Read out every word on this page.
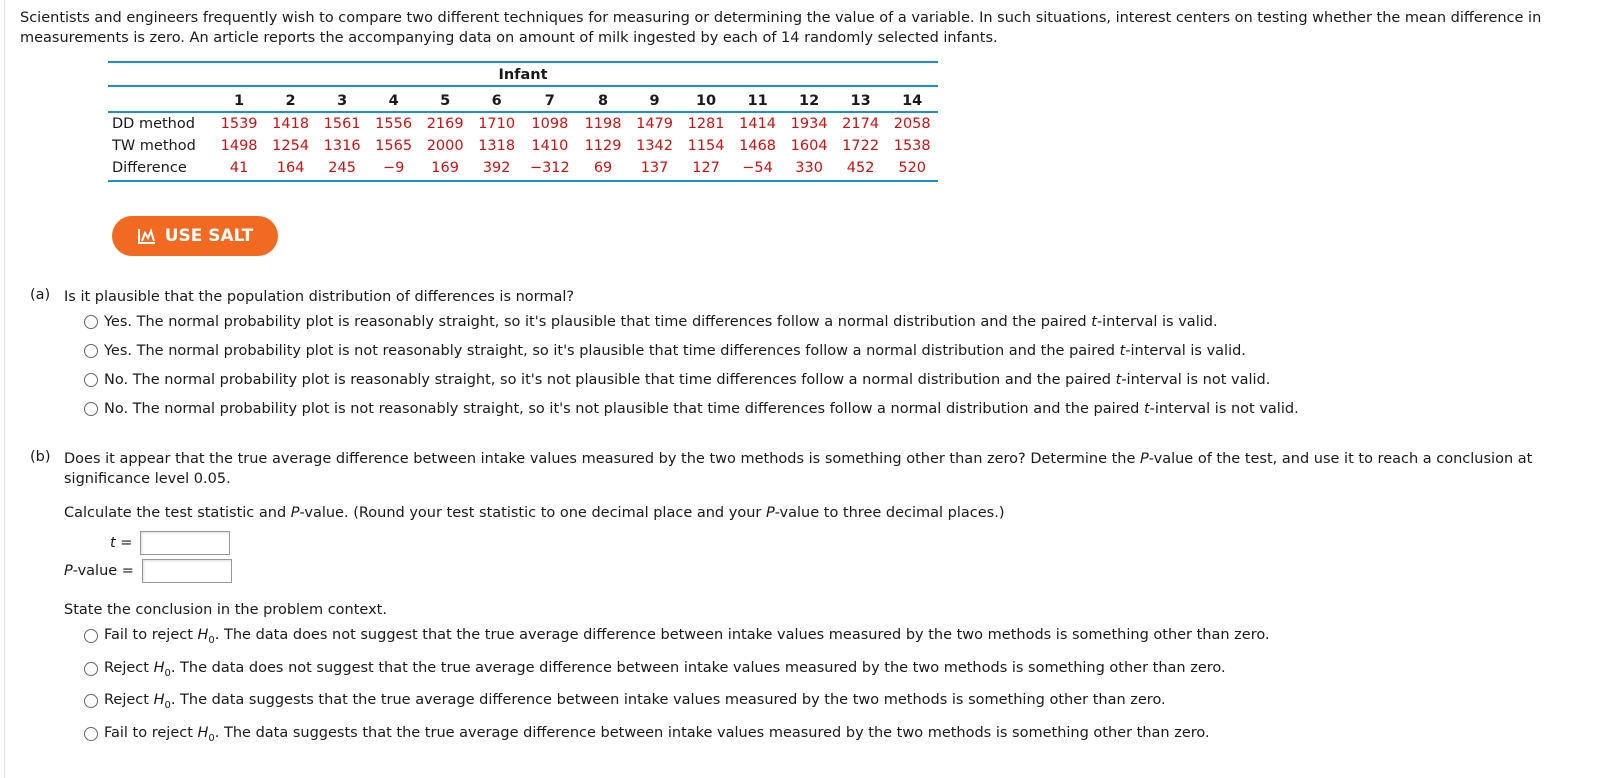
Scientists and engineers frequently wish to compare two different techniques for measuring or determining the value of a variable. In such situations, interest centers on testing whether the mean difference in measurements is zero. An article reports the accompanying data on amount of milk ingested by each of 14 randomly selected infants.
Infant														
	1	2	3	4	5	6	7	8	9	10	11	12	13	14
DD method	1539	1418	1561	1556	2169	1710	1098	1198	1479	1281	1414	1934	2174	2058
TW method	1498	1254	1316	1565	2000	1318	1410	1129	1342	1154	1468	1604	1722	1538
Difference	41	164	245	−9	169	392	−312	69	137	127	−54	330	452	520
USE SALT
(a) Is it plausible that the population distribution of differences is normal?
Yes. The normal probability plot is reasonably straight, so it's plausible that time differences follow a normal distribution and the paired t-interval is valid.
Yes. The normal probability plot is not reasonably straight, so it's plausible that time differences follow a normal distribution and the paired t-interval is valid.
No. The normal probability plot is reasonably straight, so it's not plausible that time differences follow a normal distribution and the paired t-interval is not valid.
No. The normal probability plot is not reasonably straight, so it's not plausible that time differences follow a normal distribution and the paired t-interval is not valid.
(b) Does it appear that the true average difference between intake values measured by the two methods is something other than zero? Determine the P-value of the test, and use it to reach a conclusion at significance level 0.05.
Calculate the test statistic and P-value. (Round your test statistic to one decimal place and your P-value to three decimal places.)
t =
P-value =
State the conclusion in the problem context.
Fail to reject $H_0$. The data does not suggest that the true average difference between intake values measured by the two methods is something other than zero.
Reject $H_0$. The data does not suggest that the true average difference between intake values measured by the two methods is something other than zero.
Reject $H_0$. The data suggests that the true average difference between intake values measured by the two methods is something other than zero.
Fail to reject $H_0$. The data suggests that the true average difference between intake values measured by the two methods is something other than zero.
